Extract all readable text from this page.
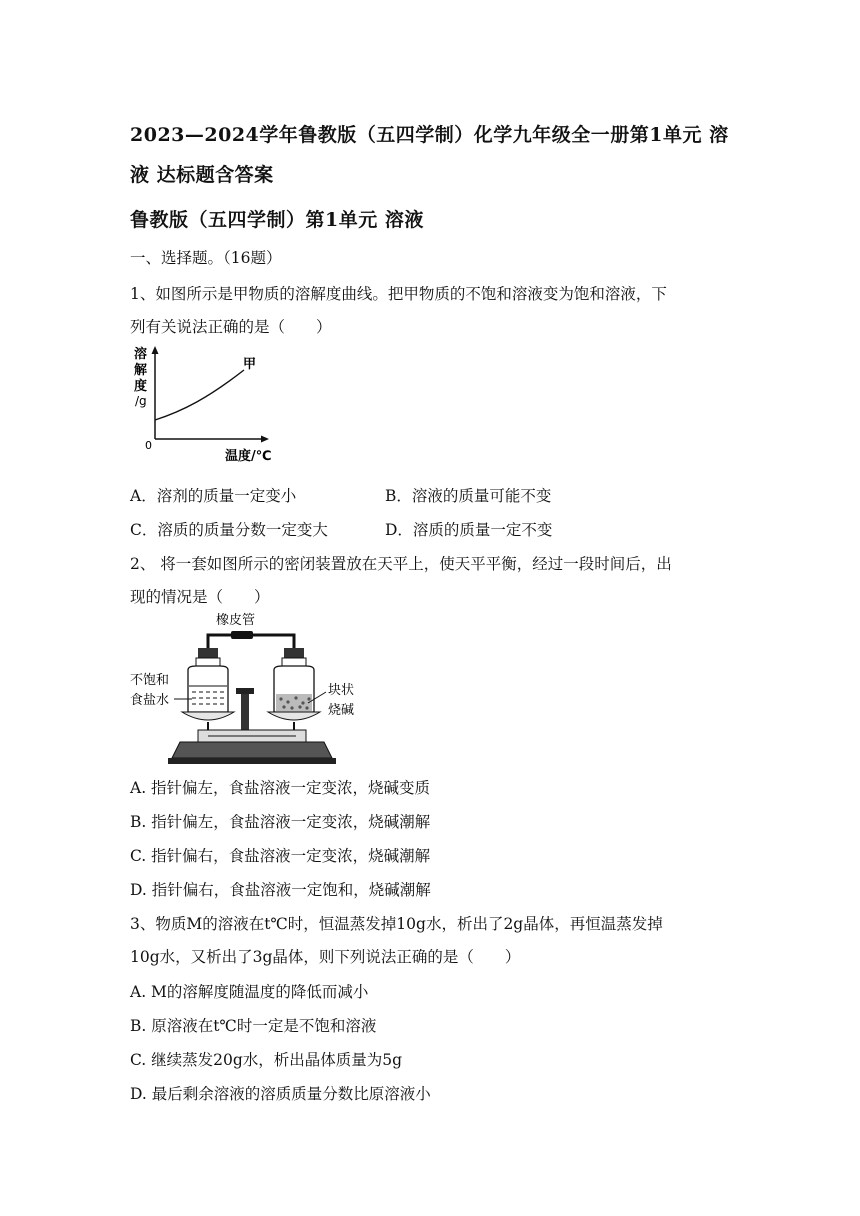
2023—2024学年鲁教版（五四学制）化学九年级全一册第1单元 溶
液 达标题含答案
鲁教版（五四学制）第1单元 溶液
一、选择题。（16题）
1、如图所示是甲物质的溶解度曲线。把甲物质的不饱和溶液变为饱和溶液，下
列有关说法正确的是（　　）
溶
解
度
/g
0
甲
温度/℃
A．溶剂的质量一定变小	B．溶液的质量可能不变
C．溶质的质量分数一定变大	D．溶质的质量一定不变
2、 将一套如图所示的密闭装置放在天平上，使天平平衡，经过一段时间后，出
现的情况是（　　）
橡皮管
不饱和
食盐水
块状
烧碱
A. 指针偏左，食盐溶液一定变浓，烧碱变质
B. 指针偏左，食盐溶液一定变浓，烧碱潮解
C. 指针偏右，食盐溶液一定变浓，烧碱潮解
D. 指针偏右，食盐溶液一定饱和，烧碱潮解
3、物质M的溶液在t℃时，恒温蒸发掉10g水，析出了2g晶体，再恒温蒸发掉
10g水，又析出了3g晶体，则下列说法正确的是（　　）
A. M的溶解度随温度的降低而减小
B. 原溶液在t℃时一定是不饱和溶液
C. 继续蒸发20g水，析出晶体质量为5g
D. 最后剩余溶液的溶质质量分数比原溶液小
